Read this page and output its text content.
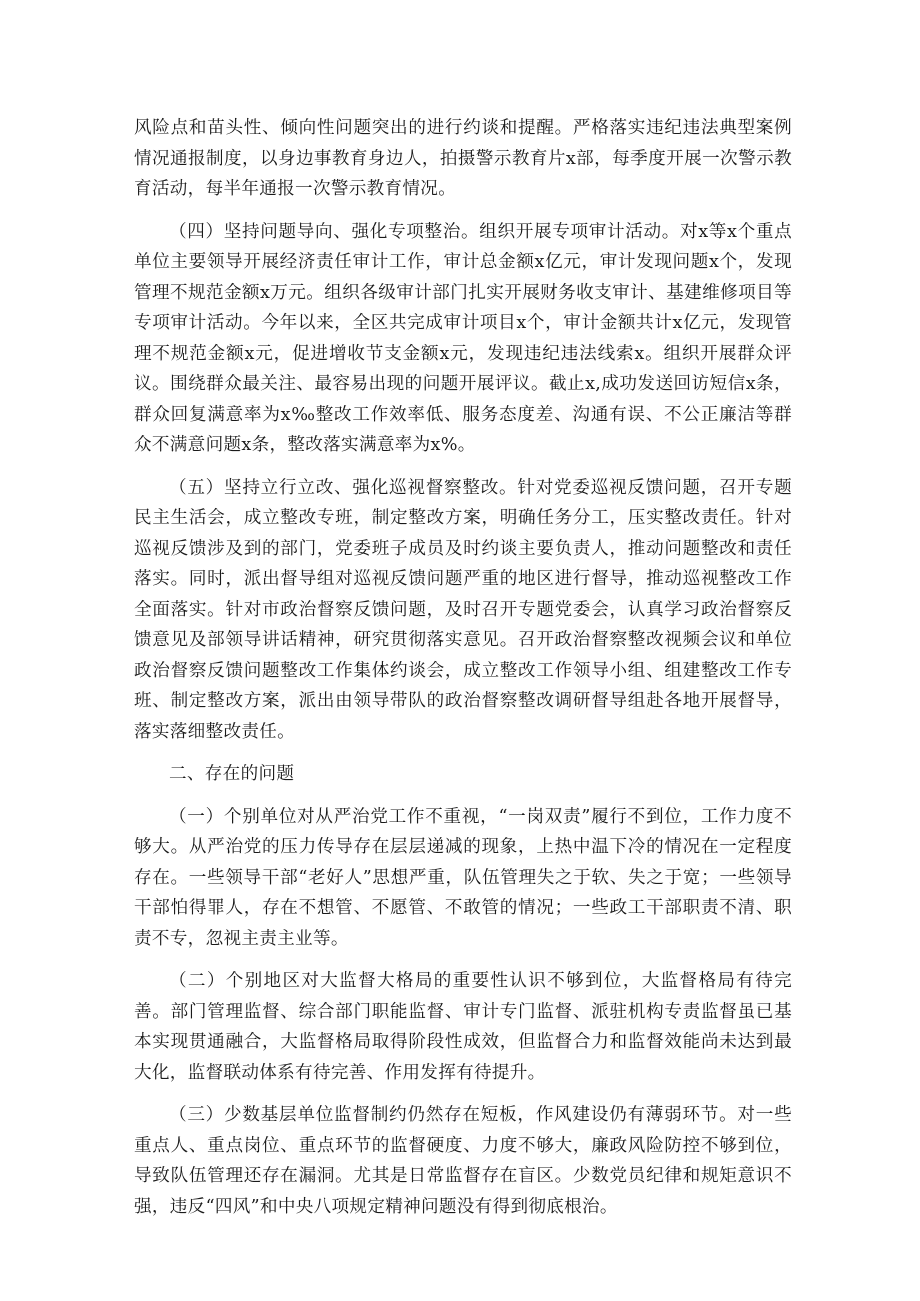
风险点和苗头性、倾向性问题突出的进行约谈和提醒。严格落实违纪违法典型案例情况通报制度，以身边事教育身边人，拍摄警示教育片x部，每季度开展一次警示教育活动，每半年通报一次警示教育情况。

（四）坚持问题导向、强化专项整治。组织开展专项审计活动。对x等x个重点单位主要领导开展经济责任审计工作，审计总金额x亿元，审计发现问题x个，发现管理不规范金额x万元。组织各级审计部门扎实开展财务收支审计、基建维修项目等专项审计活动。今年以来，全区共完成审计项目x个，审计金额共计x亿元，发现管理不规范金额x元，促进增收节支金额x元，发现违纪违法线索x。组织开展群众评议。围绕群众最关注、最容易出现的问题开展评议。截止x,成功发送回访短信x条，群众回复满意率为x‰整改工作效率低、服务态度差、沟通有误、不公正廉洁等群众不满意问题x条，整改落实满意率为x%。

（五）坚持立行立改、强化巡视督察整改。针对党委巡视反馈问题，召开专题民主生活会，成立整改专班，制定整改方案，明确任务分工，压实整改责任。针对巡视反馈涉及到的部门，党委班子成员及时约谈主要负责人，推动问题整改和责任落实。同时，派出督导组对巡视反馈问题严重的地区进行督导，推动巡视整改工作全面落实。针对市政治督察反馈问题，及时召开专题党委会，认真学习政治督察反馈意见及部领导讲话精神，研究贯彻落实意见。召开政治督察整改视频会议和单位政治督察反馈问题整改工作集体约谈会，成立整改工作领导小组、组建整改工作专班、制定整改方案，派出由领导带队的政治督察整改调研督导组赴各地开展督导，落实落细整改责任。

二、存在的问题

（一）个别单位对从严治党工作不重视，“一岗双责”履行不到位，工作力度不够大。从严治党的压力传导存在层层递减的现象，上热中温下冷的情况在一定程度存在。一些领导干部“老好人”思想严重，队伍管理失之于软、失之于宽；一些领导干部怕得罪人，存在不想管、不愿管、不敢管的情况；一些政工干部职责不清、职责不专，忽视主责主业等。

（二）个别地区对大监督大格局的重要性认识不够到位，大监督格局有待完善。部门管理监督、综合部门职能监督、审计专门监督、派驻机构专责监督虽已基本实现贯通融合，大监督格局取得阶段性成效，但监督合力和监督效能尚未达到最大化，监督联动体系有待完善、作用发挥有待提升。

（三）少数基层单位监督制约仍然存在短板，作风建设仍有薄弱环节。对一些重点人、重点岗位、重点环节的监督硬度、力度不够大，廉政风险防控不够到位，导致队伍管理还存在漏洞。尤其是日常监督存在盲区。少数党员纪律和规矩意识不强，违反“四风”和中央八项规定精神问题没有得到彻底根治。
